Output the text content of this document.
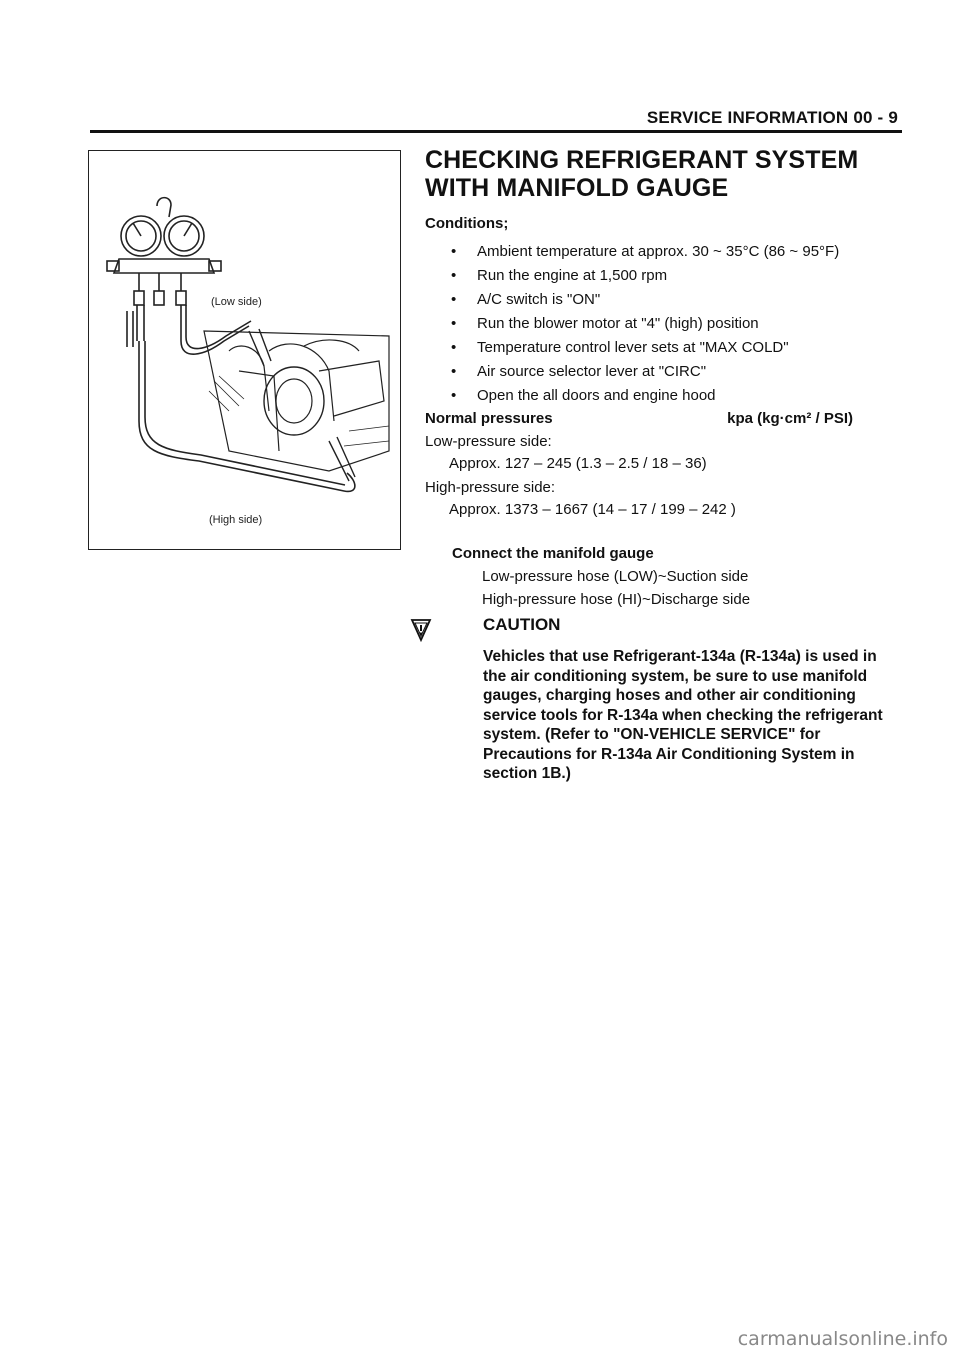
SERVICE INFORMATION 00 - 9
(Low side)
(High side)
CHECKING REFRIGERANT SYSTEM
WITH MANIFOLD GAUGE
Conditions;
• Ambient temperature at approx. 30 ~ 35°C (86 ~ 95°F)
• Run the engine at 1,500 rpm
• A/C switch is "ON"
• Run the blower motor at "4" (high) position
• Temperature control lever sets at "MAX COLD"
• Air source selector lever at "CIRC"
• Open the all doors and engine hood
Normal pressures	kpa (kg·cm² / PSI)
Low-pressure side:
Approx. 127 – 245 (1.3 – 2.5 / 18 – 36)
High-pressure side:
Approx. 1373 – 1667 (14 – 17 / 199 – 242 )
Connect the manifold gauge
Low-pressure hose (LOW)~Suction side
High-pressure hose (HI)~Discharge side
CAUTION
Vehicles that use Refrigerant-134a (R-134a) is used in the air conditioning system, be sure to use manifold gauges, charging hoses and other air conditioning service tools for R-134a when checking the refrigerant system. (Refer to "ON-VEHICLE SERVICE" for Precautions for R-134a Air Conditioning System in section 1B.)
carmanualsonline.info
